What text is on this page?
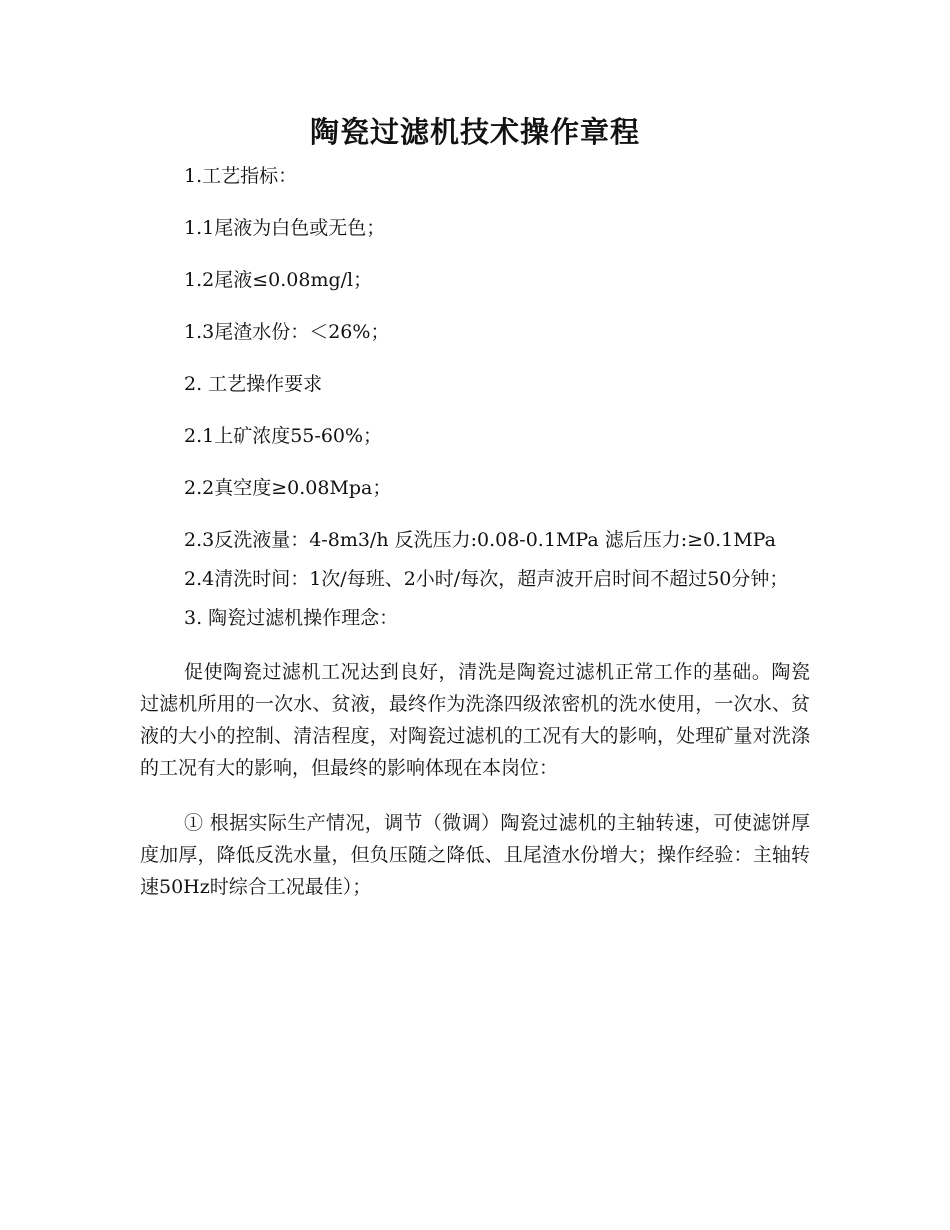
陶瓷过滤机技术操作章程

1.工艺指标：

1.1尾液为白色或无色；

1.2尾液≤0.08mg/l；

1.3尾渣水份：＜26%；

2. 工艺操作要求

2.1上矿浓度55-60%；

2.2真空度≥0.08Mpa；

2.3反洗液量：4-8m3/h 反洗压力:0.08-0.1MPa 滤后压力:≥0.1MPa

2.4清洗时间：1次/每班、2小时/每次，超声波开启时间不超过50分钟；

3. 陶瓷过滤机操作理念：

促使陶瓷过滤机工况达到良好，清洗是陶瓷过滤机正常工作的基础。陶瓷过滤机所用的一次水、贫液，最终作为洗涤四级浓密机的洗水使用，一次水、贫液的大小的控制、清洁程度，对陶瓷过滤机的工况有大的影响，处理矿量对洗涤的工况有大的影响，但最终的影响体现在本岗位：

① 根据实际生产情况，调节（微调）陶瓷过滤机的主轴转速，可使滤饼厚度加厚，降低反洗水量，但负压随之降低、且尾渣水份增大；操作经验：主轴转速50Hz时综合工况最佳）；
